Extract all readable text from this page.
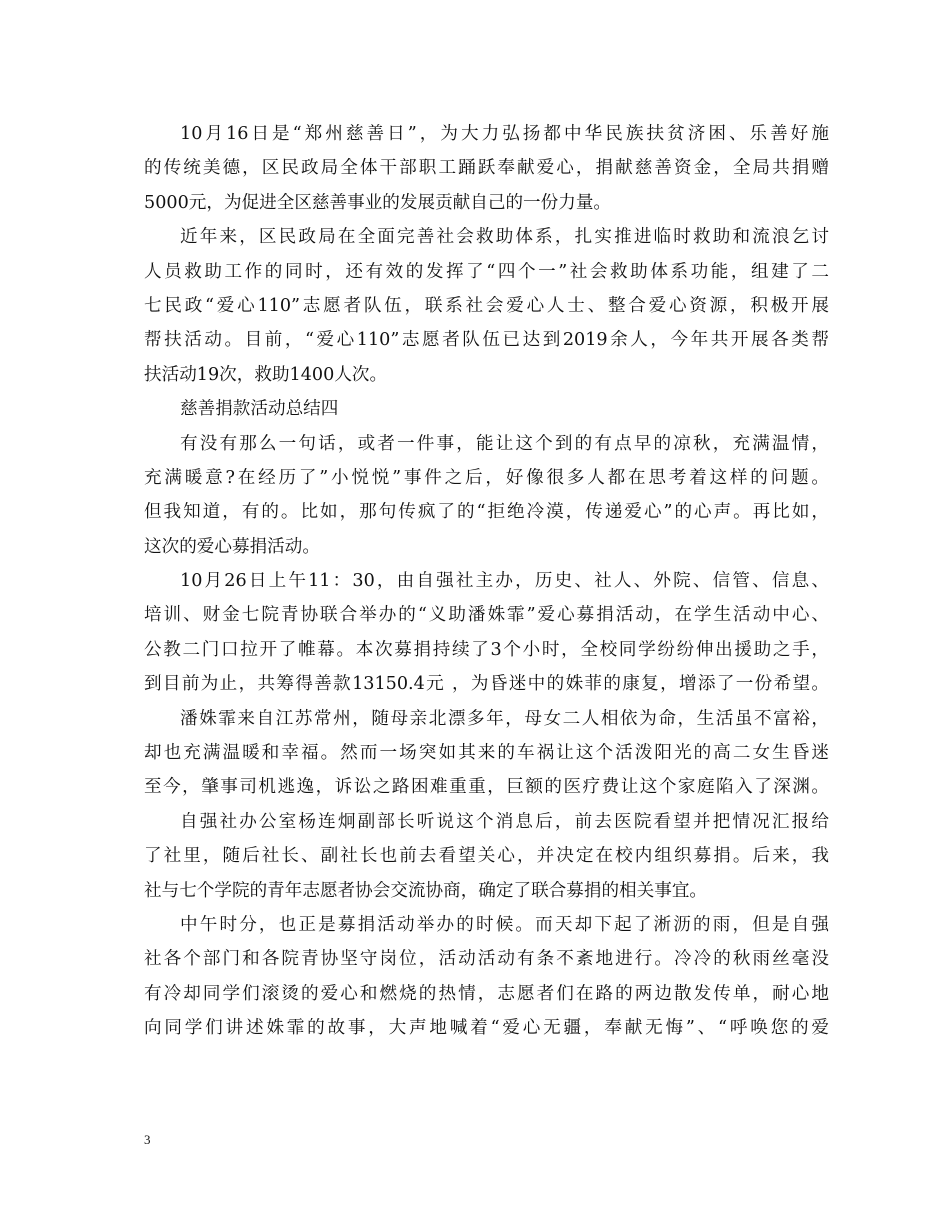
10月16日是“郑州慈善日”，为大力弘扬都中华民族扶贫济困、乐善好施
的传统美德，区民政局全体干部职工踊跃奉献爱心，捐献慈善资金，全局共捐赠
5000元，为促进全区慈善事业的发展贡献自己的一份力量。
近年来，区民政局在全面完善社会救助体系，扎实推进临时救助和流浪乞讨
人员救助工作的同时，还有效的发挥了“四个一”社会救助体系功能，组建了二
七民政“爱心110”志愿者队伍，联系社会爱心人士、整合爱心资源，积极开展
帮扶活动。目前，“爱心110”志愿者队伍已达到2019余人，今年共开展各类帮
扶活动19次，救助1400人次。
慈善捐款活动总结四
有没有那么一句话，或者一件事，能让这个到的有点早的凉秋，充满温情，
充满暖意?在经历了”小悦悦”事件之后，好像很多人都在思考着这样的问题。
但我知道，有的。比如，那句传疯了的“拒绝冷漠，传递爱心”的心声。再比如，
这次的爱心募捐活动。
10月26日上午11：30，由自强社主办，历史、社人、外院、信管、信息、
培训、财金七院青协联合举办的“义助潘姝霏”爱心募捐活动，在学生活动中心、
公教二门口拉开了帷幕。本次募捐持续了3个小时，全校同学纷纷伸出援助之手，
到目前为止，共筹得善款13150.4元 ，为昏迷中的姝菲的康复，增添了一份希望。
潘姝霏来自江苏常州，随母亲北漂多年，母女二人相依为命，生活虽不富裕，
却也充满温暖和幸福。然而一场突如其来的车祸让这个活泼阳光的高二女生昏迷
至今，肇事司机逃逸，诉讼之路困难重重，巨额的医疗费让这个家庭陷入了深渊。
自强社办公室杨连炯副部长听说这个消息后，前去医院看望并把情况汇报给
了社里，随后社长、副社长也前去看望关心，并决定在校内组织募捐。后来，我
社与七个学院的青年志愿者协会交流协商，确定了联合募捐的相关事宜。
中午时分，也正是募捐活动举办的时候。而天却下起了淅沥的雨，但是自强
社各个部门和各院青协坚守岗位，活动活动有条不紊地进行。冷冷的秋雨丝毫没
有冷却同学们滚烫的爱心和燃烧的热情，志愿者们在路的两边散发传单，耐心地
向同学们讲述姝霏的故事，大声地喊着“爱心无疆，奉献无悔”、“呼唤您的爱
3
